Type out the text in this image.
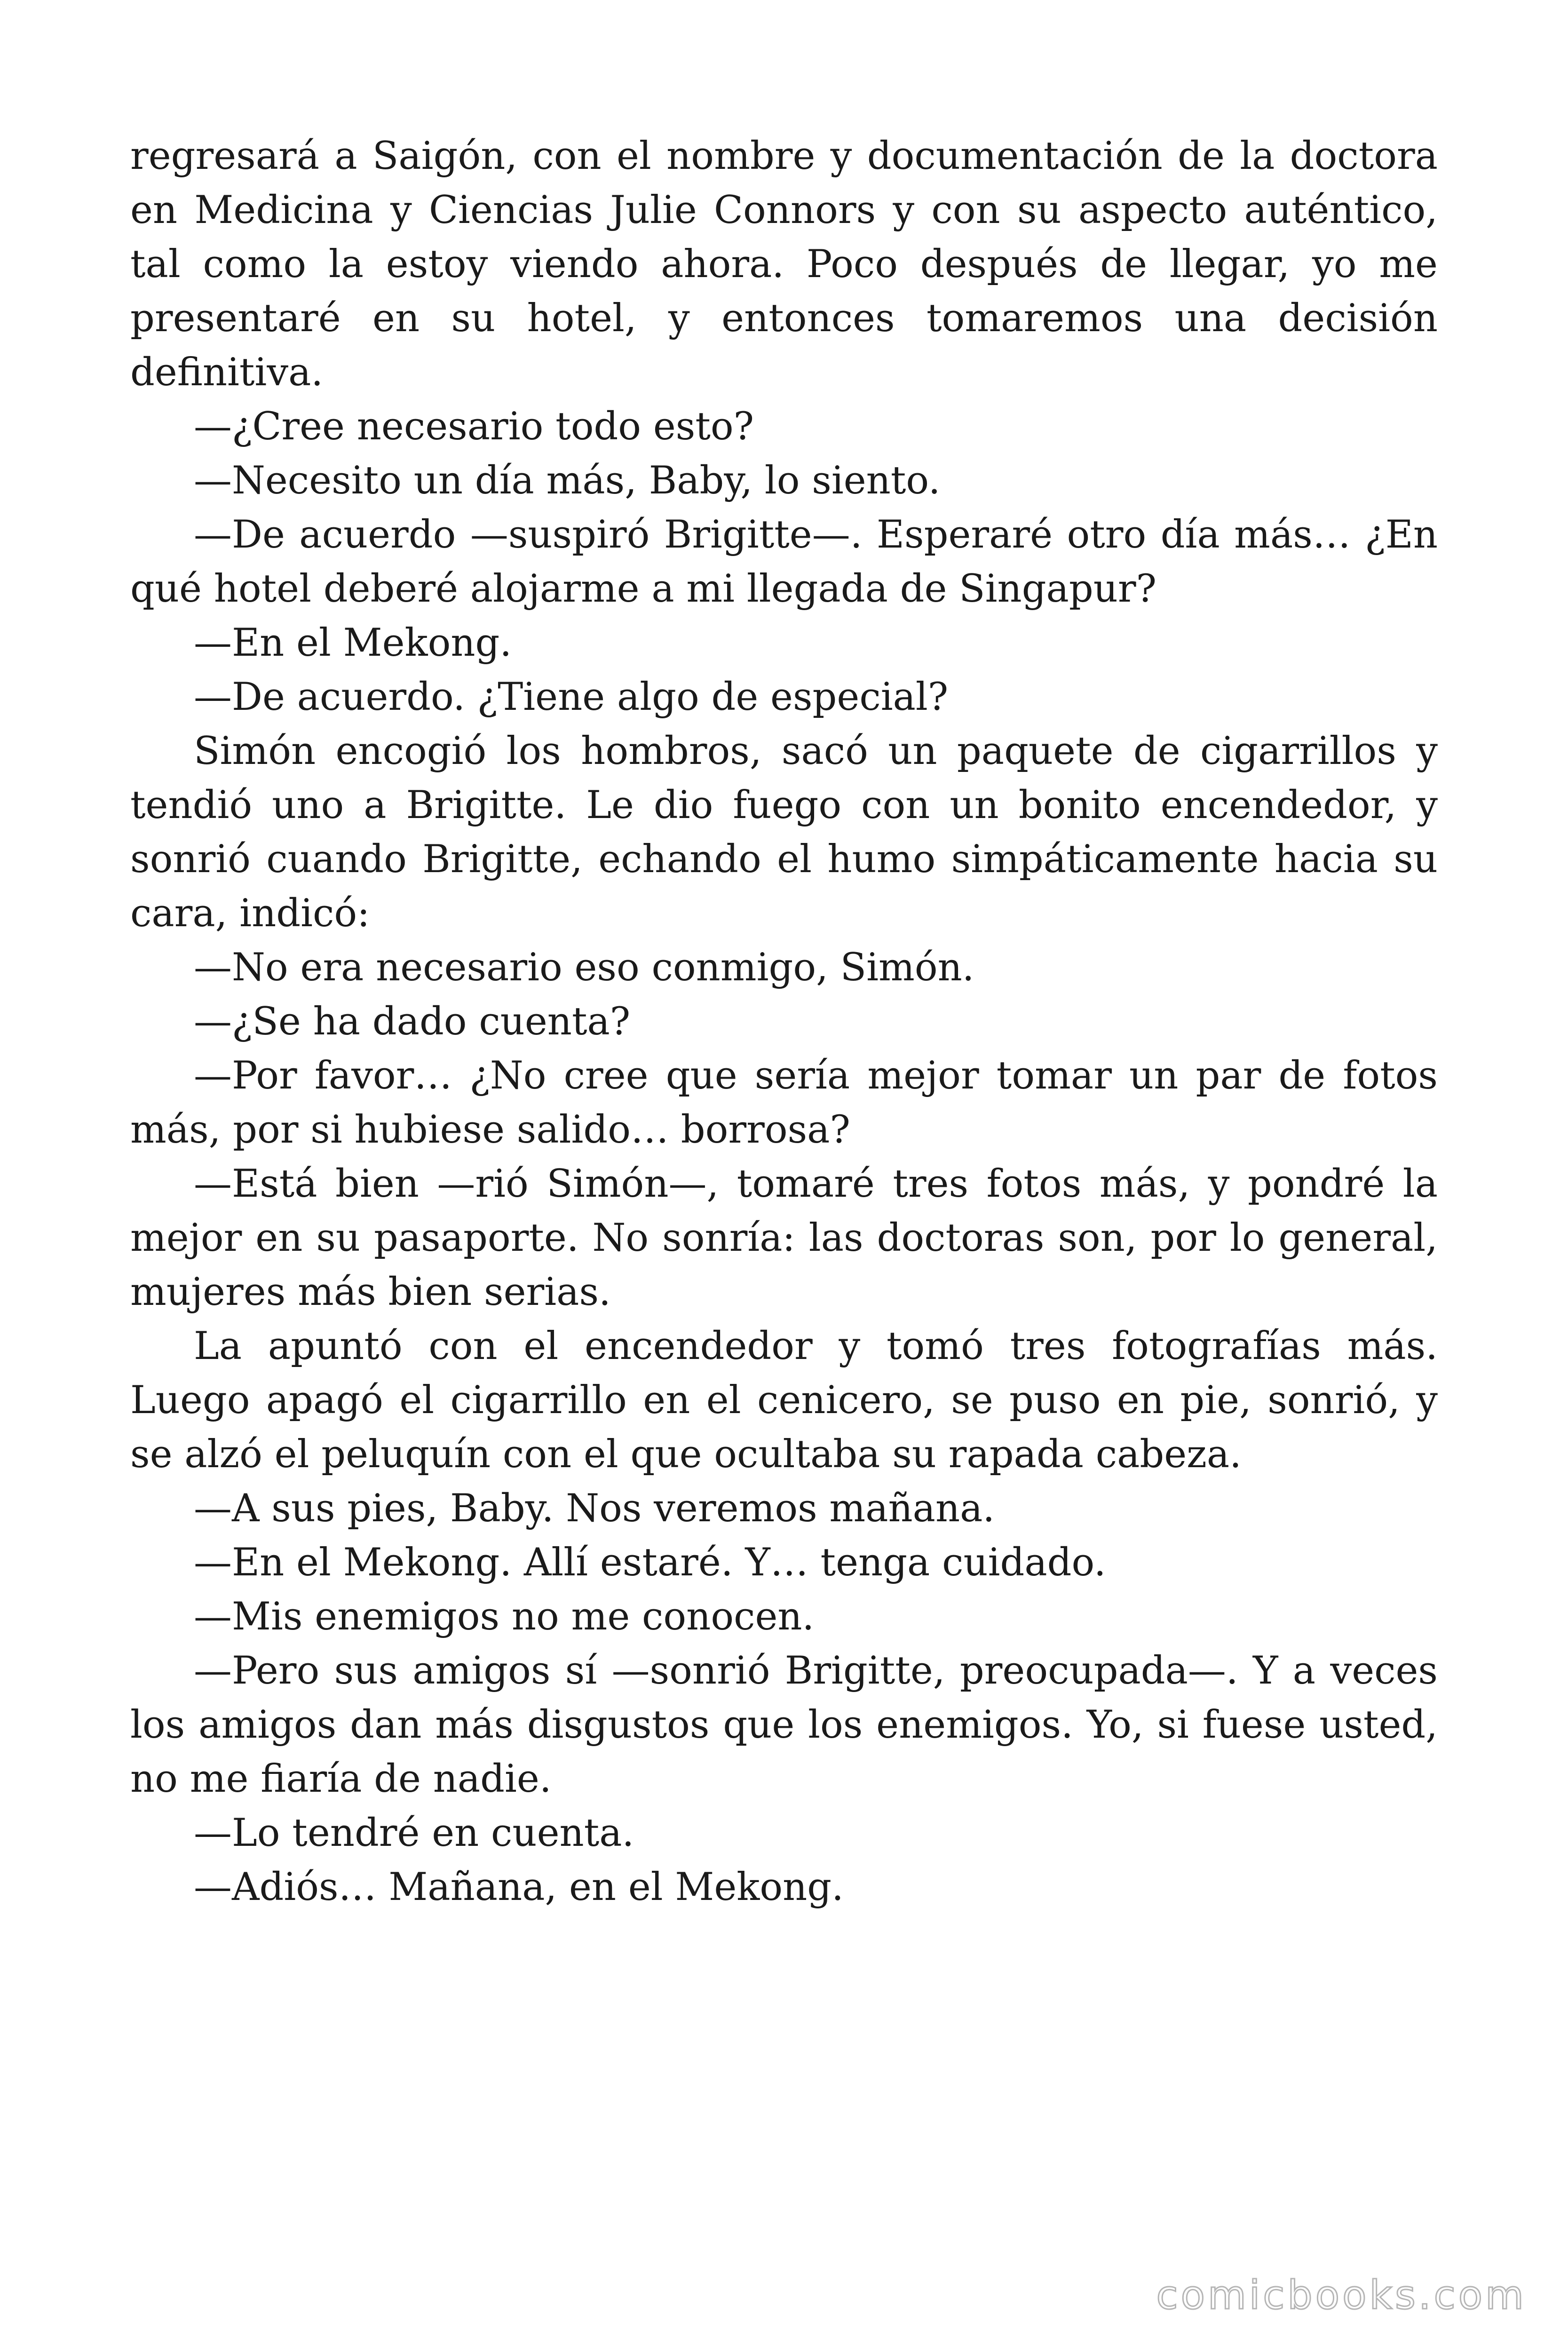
regresará a Saigón, con el nombre y documentación de la doctora en Medicina y Ciencias Julie Connors y con su aspecto auténtico, tal como la estoy viendo ahora. Poco después de llegar, yo me presentaré en su hotel, y entonces tomaremos una decisión definitiva.

—¿Cree necesario todo esto?

—Necesito un día más, Baby, lo siento.

—De acuerdo —suspiró Brigitte—. Esperaré otro día más… ¿En qué hotel deberé alojarme a mi llegada de Singapur?

—En el Mekong.

—De acuerdo. ¿Tiene algo de especial?

Simón encogió los hombros, sacó un paquete de cigarrillos y tendió uno a Brigitte. Le dio fuego con un bonito encendedor, y sonrió cuando Brigitte, echando el humo simpáticamente hacia su cara, indicó:

—No era necesario eso conmigo, Simón.

—¿Se ha dado cuenta?

—Por favor… ¿No cree que sería mejor tomar un par de fotos más, por si hubiese salido… borrosa?

—Está bien —rió Simón—, tomaré tres fotos más, y pondré la mejor en su pasaporte. No sonría: las doctoras son, por lo general, mujeres más bien serias.

La apuntó con el encendedor y tomó tres fotografías más. Luego apagó el cigarrillo en el cenicero, se puso en pie, sonrió, y se alzó el peluquín con el que ocultaba su rapada cabeza.

—A sus pies, Baby. Nos veremos mañana.

—En el Mekong. Allí estaré. Y… tenga cuidado.

—Mis enemigos no me conocen.

—Pero sus amigos sí —sonrió Brigitte, preocupada—. Y a veces los amigos dan más disgustos que los enemigos. Yo, si fuese usted, no me fiaría de nadie.

—Lo tendré en cuenta.

—Adiós… Mañana, en el Mekong.

comicbooks.com
